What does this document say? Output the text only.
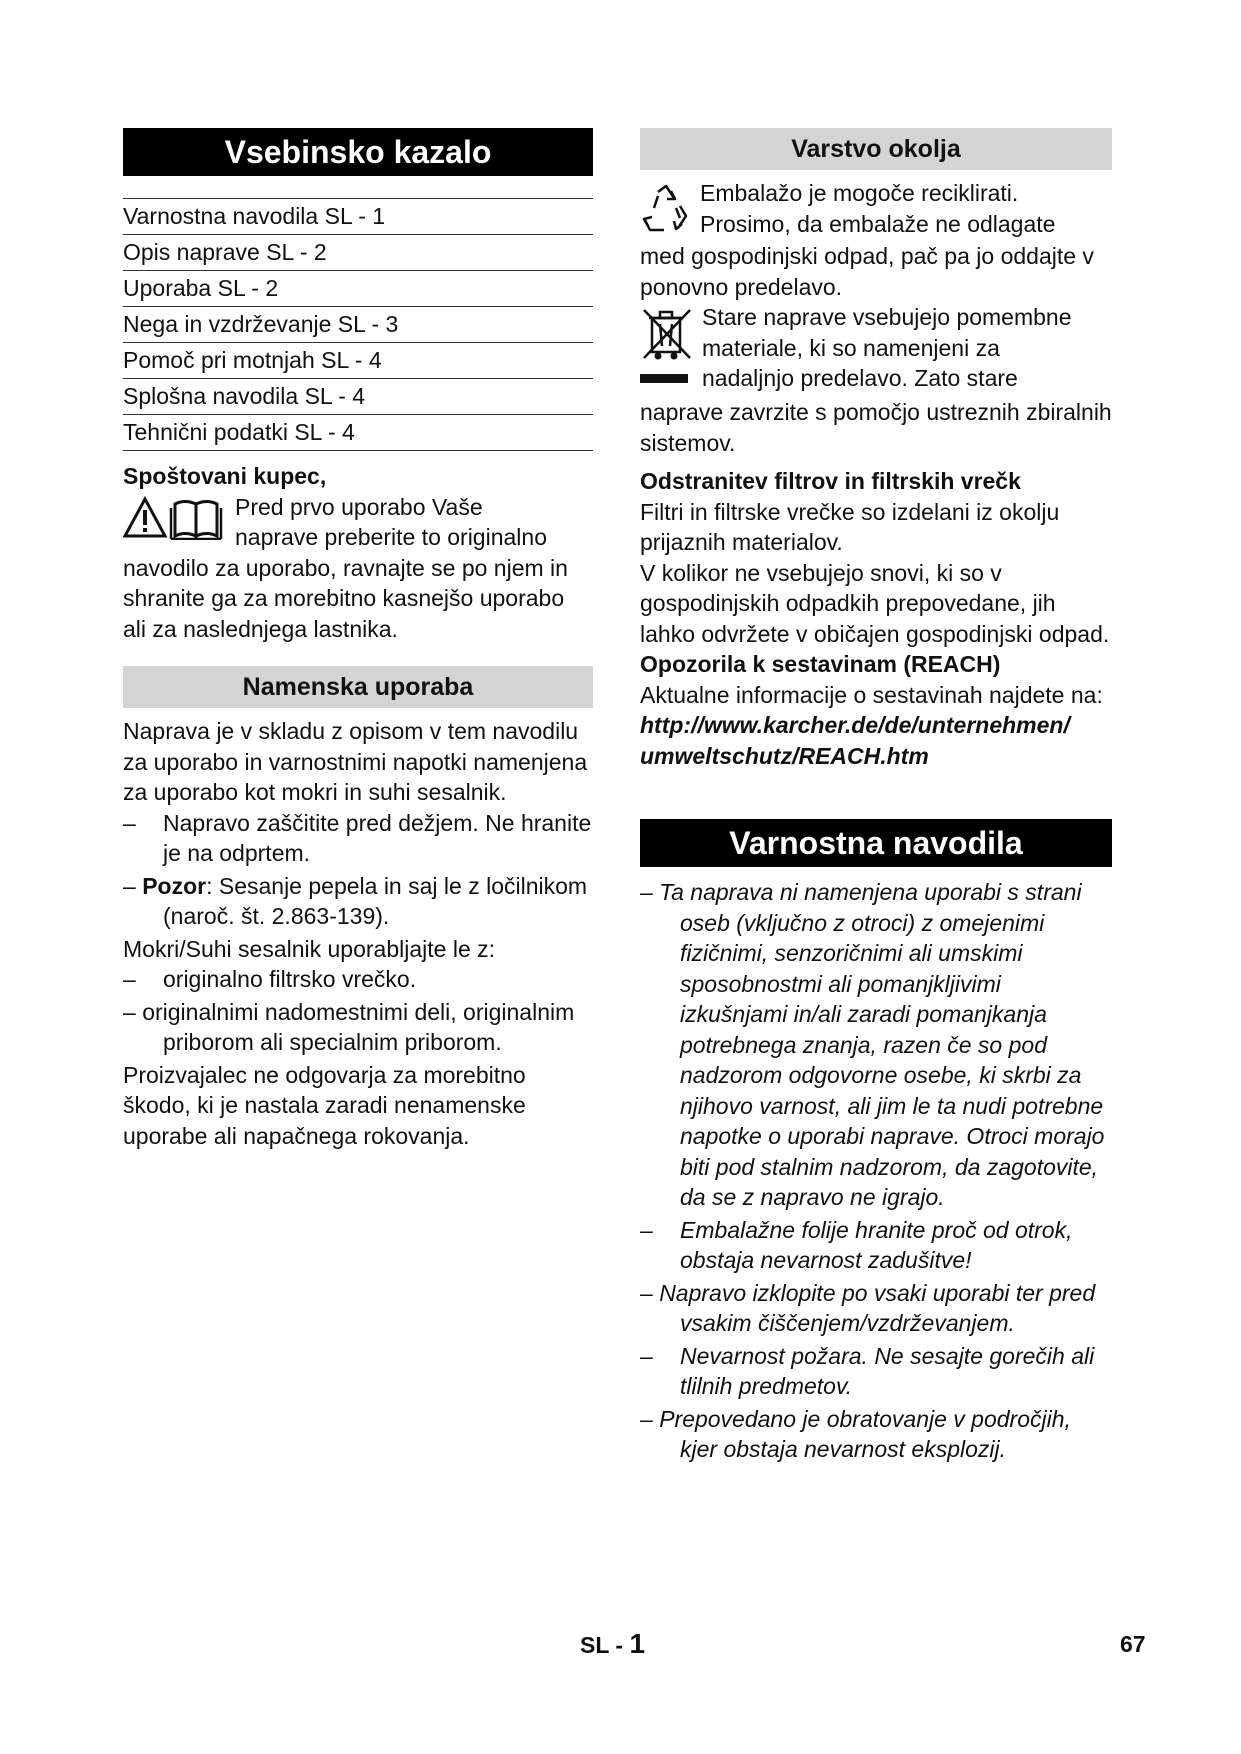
Vsebinsko kazalo
Varnostna navodila SL - 1
Opis naprave SL - 2
Uporaba SL - 2
Nega in vzdrževanje SL - 3
Pomoč pri motnjah SL - 4
Splošna navodila SL - 4
Tehnični podatki SL - 4

Spoštovani kupec,

Pred prvo uporabo Vaše

naprave preberite to originalno

navodilo za uporabo, ravnajte se po njem in shranite ga za morebitno kasnejšo uporabo ali za naslednjega lastnika.

Namenska uporaba

Naprava je v skladu z opisom v tem navodilu za uporabo in varnostnimi napotki namenjena za uporabo kot mokri in suhi sesalnik.

– Napravo zaščitite pred dežjem. Ne hranite je na odprtem.
– Pozor: Sesanje pepela in saj le z ločilnikom (naroč. št. 2.863-139).

Mokri/Suhi sesalnik uporabljajte le z:

– originalno filtrsko vrečko.
– originalnimi nadomestnimi deli, originalnim priborom ali specialnim priborom.

Proizvajalec ne odgovarja za morebitno škodo, ki je nastala zaradi nenamenske uporabe ali napačnega rokovanja.

Varstvo okolja

Embalažo je mogoče reciklirati.

Prosimo, da embalaže ne odlagate

med gospodinjski odpad, pač pa jo oddajte v ponovno predelavo.

Stare naprave vsebujejo pomembne

materiale, ki so namenjeni za

nadaljnjo predelavo. Zato stare

naprave zavrzite s pomočjo ustreznih zbiralnih sistemov.

Odstranitev filtrov in filtrskih vrečk

Filtri in filtrske vrečke so izdelani iz okolju prijaznih materialov.

V kolikor ne vsebujejo snovi, ki so v gospodinjskih odpadkih prepovedane, jih lahko odvržete v običajen gospodinjski odpad.

Opozorila k sestavinam (REACH)

Aktualne informacije o sestavinah najdete na:

http://www.karcher.de/de/unternehmen/
umweltschutz/REACH.htm
Varnostna navodila
– Ta naprava ni namenjena uporabi s strani oseb (vključno z otroci) z omejenimi fizičnimi, senzoričnimi ali umskimi sposobnostmi ali pomanjkljivimi izkušnjami in/ali zaradi pomanjkanja potrebnega znanja, razen če so pod nadzorom odgovorne osebe, ki skrbi za njihovo varnost, ali jim le ta nudi potrebne napotke o uporabi naprave. Otroci morajo biti pod stalnim nadzorom, da zagotovite, da se z napravo ne igrajo.
– Embalažne folije hranite proč od otrok, obstaja nevarnost zadušitve!
– Napravo izklopite po vsaki uporabi ter pred vsakim čiščenjem/vzdrževanjem.
– Nevarnost požara. Ne sesajte gorečih ali tlilnih predmetov.
– Prepovedano je obratovanje v področjih, kjer obstaja nevarnost eksplozij.
SL - 1	67
